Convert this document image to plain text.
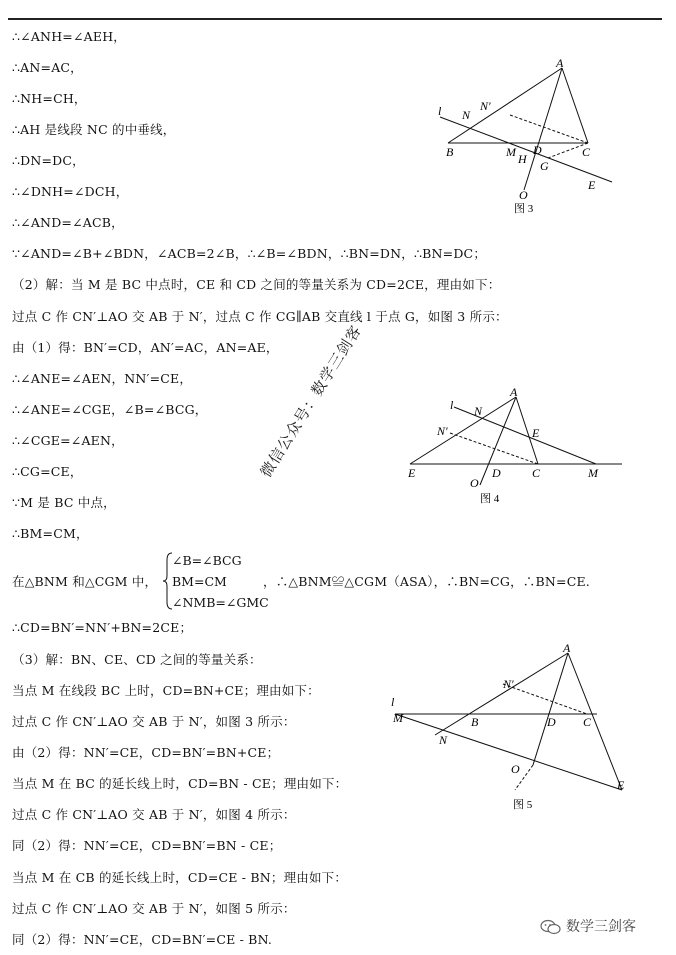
∴∠ANH=∠AEH，
∴AN=AC，
∴NH=CH，
∴AH 是线段 NC 的中垂线，
∴DN=DC，
∴∠DNH=∠DCH，
∴∠AND=∠ACB，
∵∠AND=∠B+∠BDN，∠ACB=2∠B，∴∠B=∠BDN，∴BN=DN，∴BN=DC；
（2）解：当 M 是 BC 中点时，CE 和 CD 之间的等量关系为 CD=2CE，理由如下：
过点 C 作 CN′⊥AO 交 AB 于 N′，过点 C 作 CG∥AB 交直线 l 于点 G，如图 3 所示：
由（1）得：BN′=CD，AN′=AC，AN=AE，
∴∠ANE=∠AEN，NN′=CE，
∴∠ANE=∠CGE，∠B=∠BCG，
∴∠CGE=∠AEN，
∴CG=CE，
∵M 是 BC 中点，
∴BM=CM，
在△BNM 和△CGM 中，
∠B=∠BCG
BM=CM
∠NMB=∠GMC
，∴△BNM≌△CGM（ASA），∴BN=CG，∴BN=CE.
∴CD=BN′=NN′+BN=2CE；
（3）解：BN、CE、CD 之间的等量关系：
当点 M 在线段 BC 上时，CD=BN+CE；理由如下：
过点 C 作 CN′⊥AO 交 AB 于 N′，如图 3 所示：
由（2）得：NN′=CE，CD=BN′=BN+CE；
当点 M 在 BC 的延长线上时，CD=BN - CE；理由如下：
过点 C 作 CN′⊥AO 交 AB 于 N′，如图 4 所示：
同（2）得：NN′=CE，CD=BN′=BN - CE；
当点 M 在 CB 的延长线上时，CD=CE - BN；理由如下：
过点 C 作 CN′⊥AO 交 AB 于 N′，如图 5 所示：
同（2）得：NN′=CE，CD=BN′=CE - BN.
A
l	N′
N
B	M D	C
H G
E
O
图 3
A
l N
N′	E
E	D	C	M
O
图 4
A
l
N′
M	B	D C
N
O
E
图 5
微信公众号：数学三剑客
数学三剑客
